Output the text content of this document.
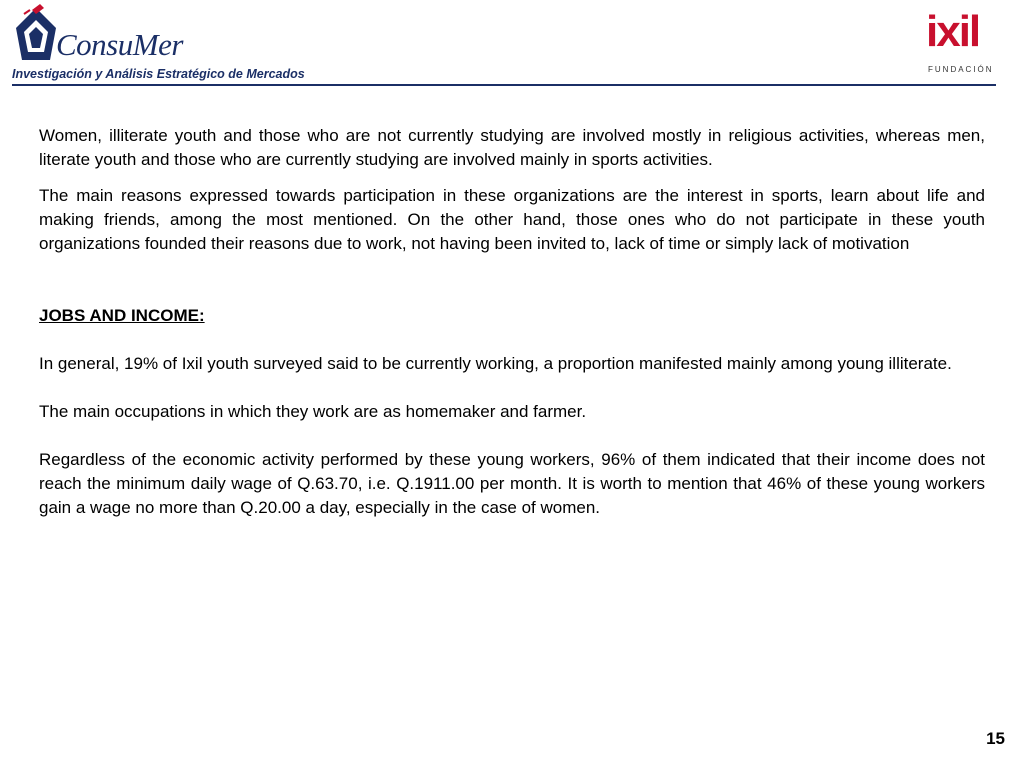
ConsuMer
Investigación y Análisis Estratégico de Mercados
ixil
FUNDACIÓN

Women, illiterate youth and those who are not currently studying are involved mostly in religious activities, whereas men, literate youth and those who are currently studying are involved mainly in sports activities.

The main reasons expressed towards participation in these organizations are the interest in sports, learn about life and making friends, among the most mentioned. On the other hand, those ones who do not participate in these youth organizations founded their reasons due to work, not having been invited to, lack of time or simply lack of motivation

JOBS AND INCOME:

In general, 19% of Ixil youth surveyed said to be currently working, a proportion manifested mainly among young illiterate.

The main occupations in which they work are as homemaker and farmer.

Regardless of the economic activity performed by these young workers, 96% of them indicated that their income does not reach the minimum daily wage of Q.63.70, i.e. Q.1911.00 per month. It is worth to mention that 46% of these young workers gain a wage no more than Q.20.00 a day, especially in the case of women.

15
